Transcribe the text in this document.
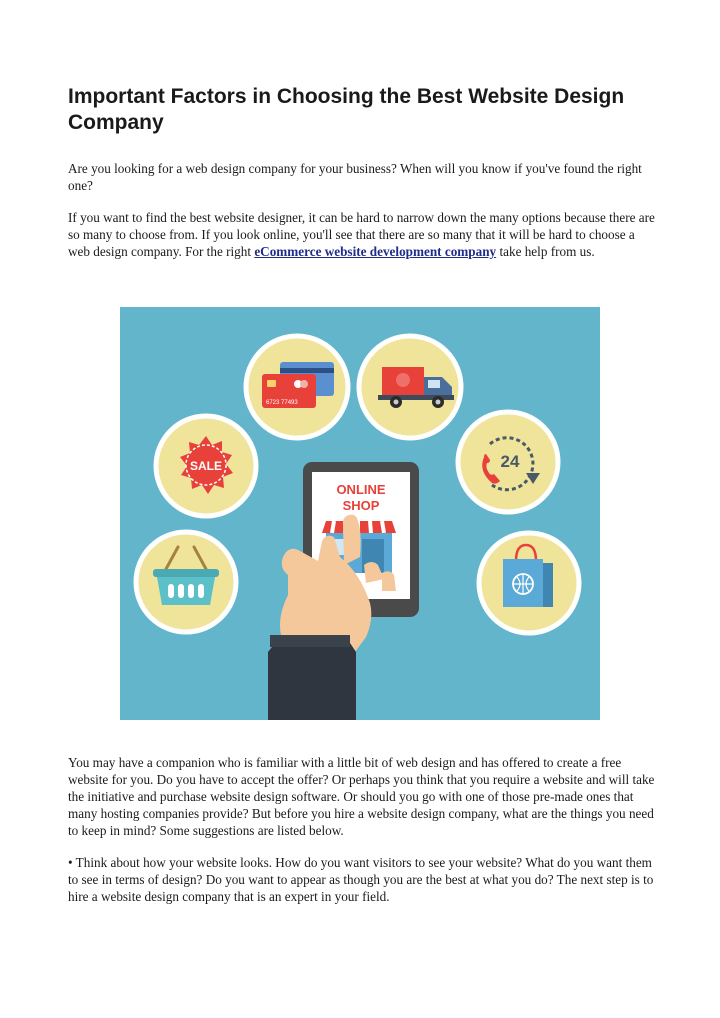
Important Factors in Choosing the Best Website Design Company

Are you looking for a web design company for your business? When will you know if you've found the right one?

If you want to find the best website designer, it can be hard to narrow down the many options because there are so many to choose from. If you look online, you'll see that there are so many that it will be hard to choose a web design company. For the right eCommerce website development company take help from us.

6723 77493
SALE	24
ONLINE
SHOP

You may have a companion who is familiar with a little bit of web design and has offered to create a free website for you. Do you have to accept the offer? Or perhaps you think that you require a website and will take the initiative and purchase website design software. Or should you go with one of those pre-made ones that many hosting companies provide? But before you hire a website design company, what are the things you need to keep in mind? Some suggestions are listed below.

• Think about how your website looks. How do you want visitors to see your website? What do you want them to see in terms of design? Do you want to appear as though you are the best at what you do? The next step is to hire a website design company that is an expert in your field.
